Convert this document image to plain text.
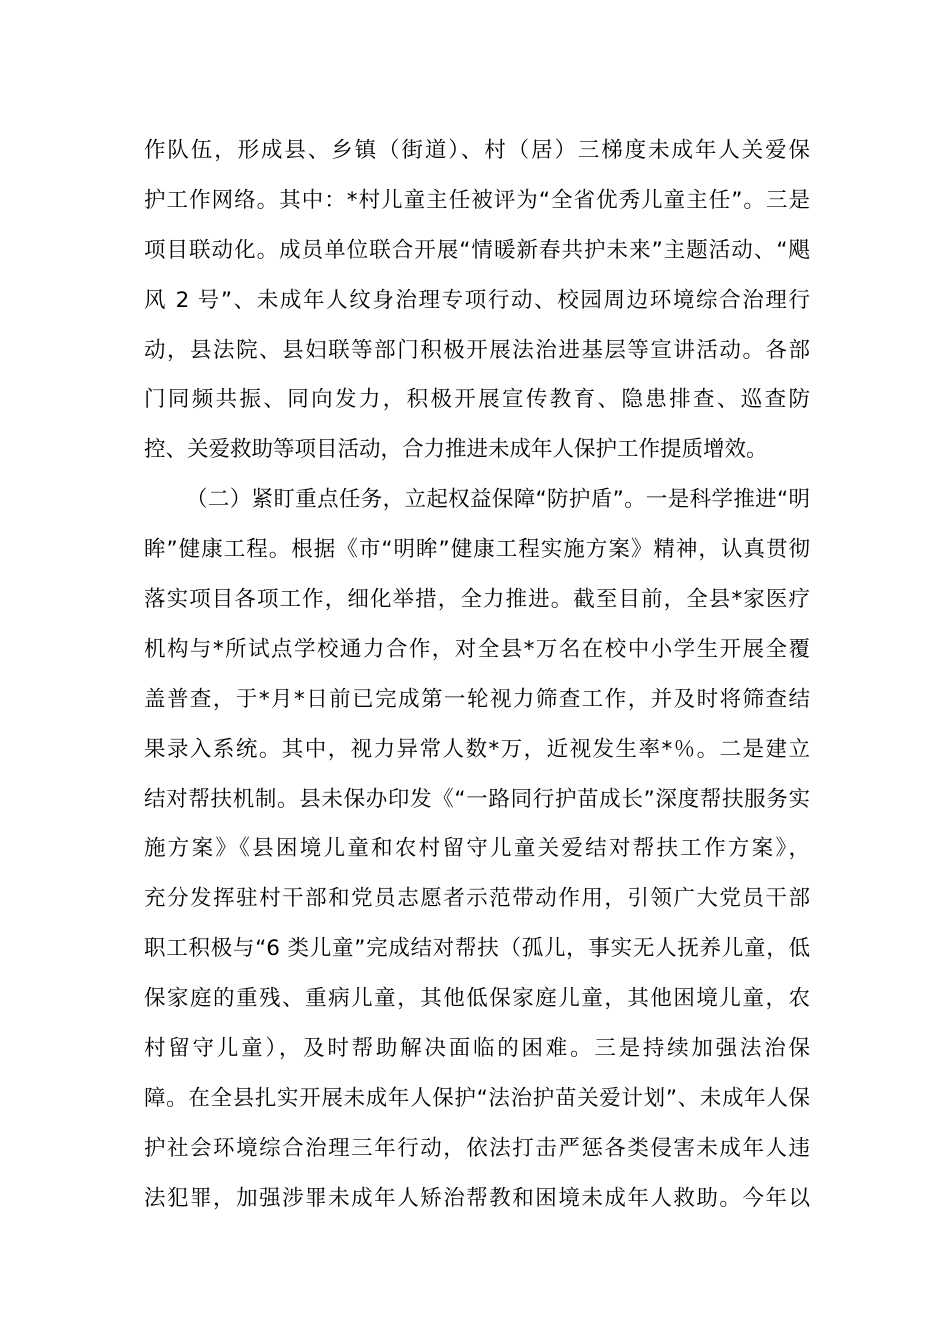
作队伍，形成县、乡镇（街道）、村（居）三梯度未成年人关爱保
护工作网络。其中：*村儿童主任被评为“全省优秀儿童主任”。三是
项目联动化。成员单位联合开展“情暖新春共护未来”主题活动、“飓
风 2 号”、未成年人纹身治理专项行动、校园周边环境综合治理行
动，县法院、县妇联等部门积极开展法治进基层等宣讲活动。各部
门同频共振、同向发力，积极开展宣传教育、隐患排查、巡查防
控、关爱救助等项目活动，合力推进未成年人保护工作提质增效。
（二）紧盯重点任务，立起权益保障“防护盾”。一是科学推进“明
眸”健康工程。根据《市“明眸”健康工程实施方案》精神，认真贯彻
落实项目各项工作，细化举措，全力推进。截至目前，全县*家医疗
机构与*所试点学校通力合作，对全县*万名在校中小学生开展全覆
盖普查，于*月*日前已完成第一轮视力筛查工作，并及时将筛查结
果录入系统。其中，视力异常人数*万，近视发生率*％。二是建立
结对帮扶机制。县未保办印发《“一路同行护苗成长”深度帮扶服务实
施方案》《县困境儿童和农村留守儿童关爱结对帮扶工作方案》，
充分发挥驻村干部和党员志愿者示范带动作用，引领广大党员干部
职工积极与“6 类儿童”完成结对帮扶（孤儿，事实无人抚养儿童，低
保家庭的重残、重病儿童，其他低保家庭儿童，其他困境儿童，农
村留守儿童），及时帮助解决面临的困难。三是持续加强法治保
障。在全县扎实开展未成年人保护“法治护苗关爱计划”、未成年人保
护社会环境综合治理三年行动，依法打击严惩各类侵害未成年人违
法犯罪，加强涉罪未成年人矫治帮教和困境未成年人救助。今年以
